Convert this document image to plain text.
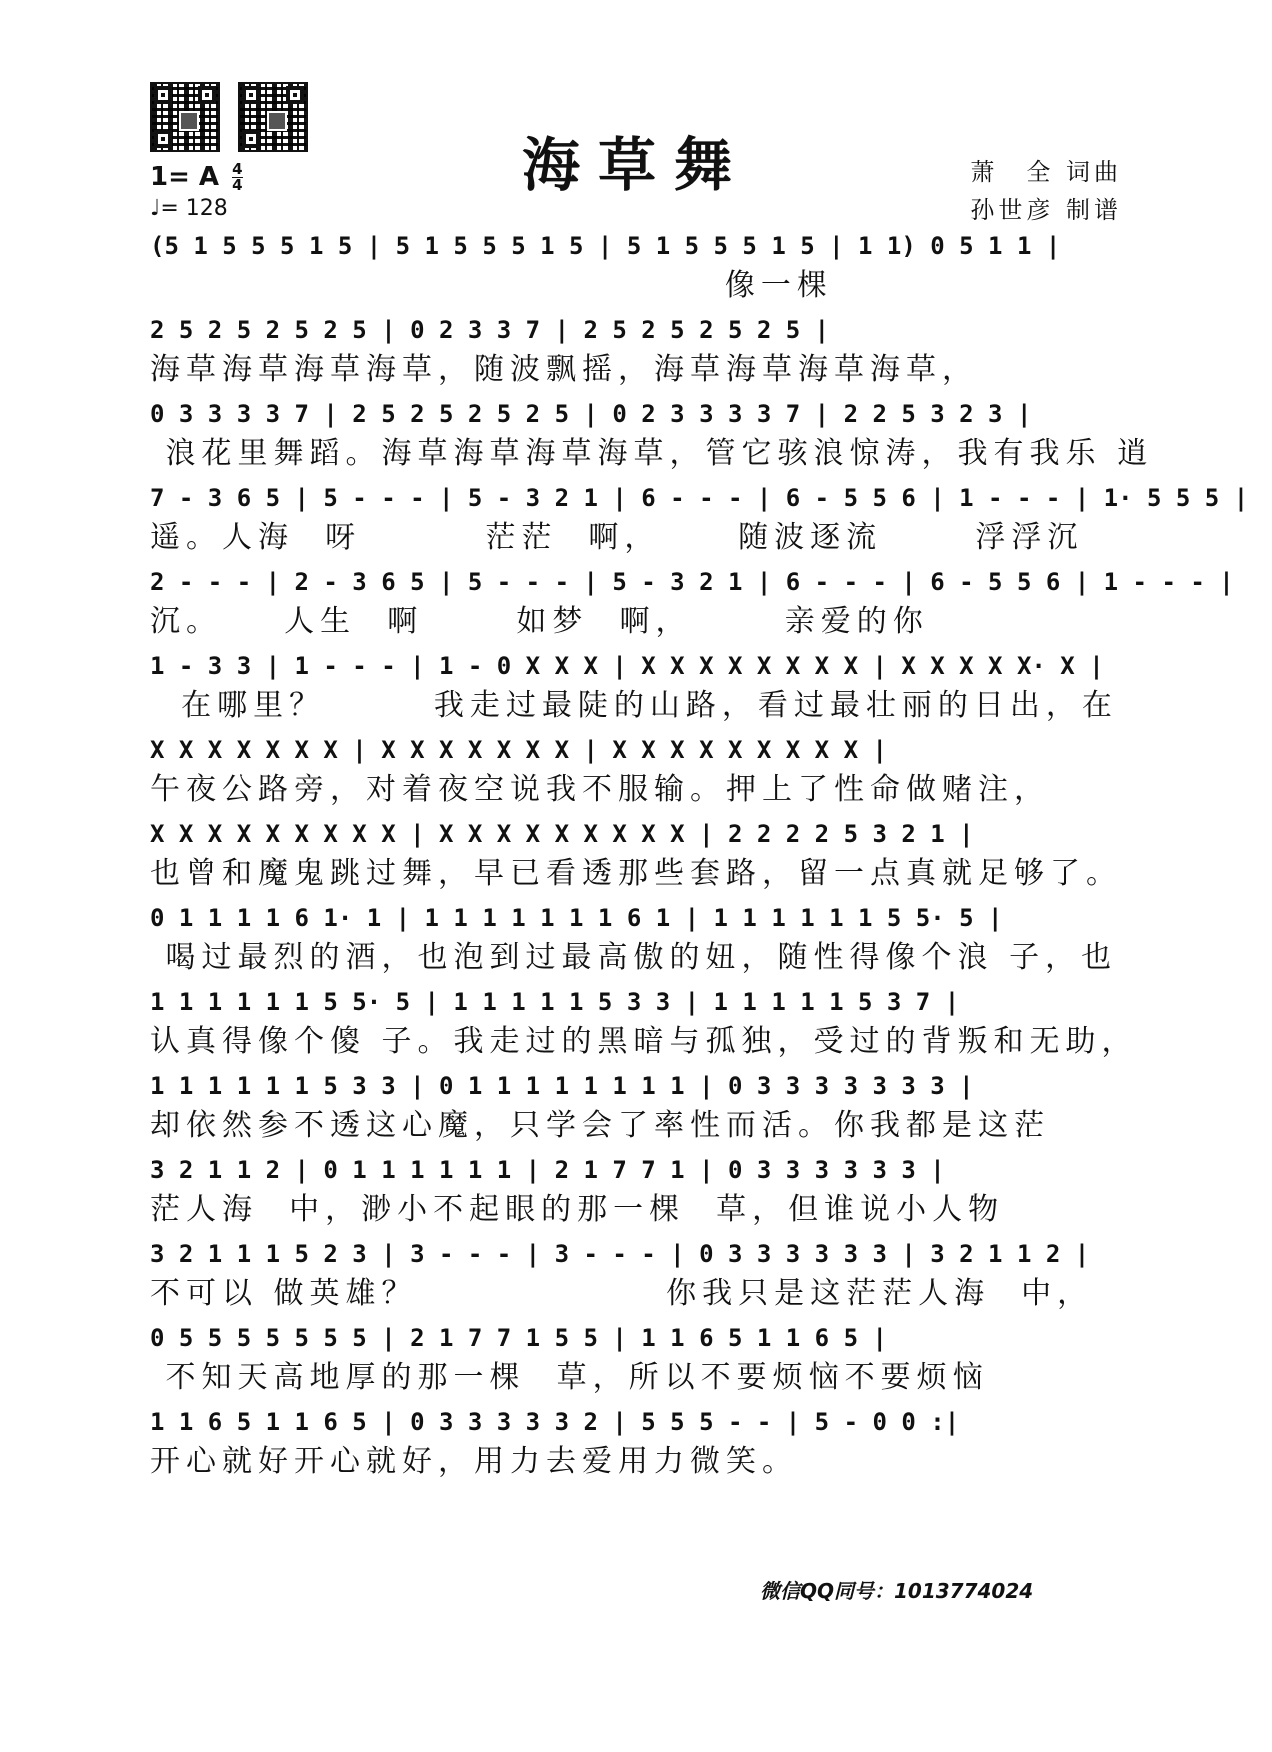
海草舞
1= A $\frac{4}{4}$
♩= 128
萧　全 词曲
孙世彦 制谱
(5 1 5 5 5 1 5 | 5 1 5 5 5 1 5 | 5 1 5 5 5 1 5 | 1 1) 0 5 1 1 |
像一棵
2 5 2 5 2 5 2 5 | 0 2 3 3 7 | 2 5 2 5 2 5 2 5 |
海草海草海草海草，随波飘摇，海草海草海草海草，
0 3 3 3 3 7 | 2 5 2 5 2 5 2 5 | 0 2 3 3 3 3 7 | 2 2 5 3 2 3 |
浪花里舞蹈。海草海草海草海草，管它骇浪惊涛，我有我乐 逍
7 - 3 6 5 | 5 - - - | 5 - 3 2 1 | 6 - - - | 6 - 5 5 6 | 1 - - - | 1· 5 5 5 |
遥。人海  呀        茫茫  啊，     随波逐流      浮浮沉
2 - - - | 2 - 3 6 5 | 5 - - - | 5 - 3 2 1 | 6 - - - | 6 - 5 5 6 | 1 - - - |
沉。    人生  啊      如梦  啊，      亲爱的你
1 - 3 3 | 1 - - - | 1 - 0 X X X | X X X X X X X X | X X X X X· X |
在哪里？       我走过最陡的山路，看过最壮丽的日出，在
X X X X X X X | X X X X X X X | X X X X X X X X X |
午夜公路旁，对着夜空说我不服输。押上了性命做赌注，
X X X X X X X X X | X X X X X X X X X | 2 2 2 2 5 3 2 1 |
也曾和魔鬼跳过舞，早已看透那些套路，留一点真就足够了。
0 1 1 1 1 6 1· 1 | 1 1 1 1 1 1 1 6 1 | 1 1 1 1 1 1 5 5· 5 |
喝过最烈的酒，也泡到过最高傲的妞，随性得像个浪 子，也
1 1 1 1 1 1 5 5· 5 | 1 1 1 1 1 5 3 3 | 1 1 1 1 1 5 3 7 |
认真得像个傻 子。我走过的黑暗与孤独，受过的背叛和无助，
1 1 1 1 1 1 5 3 3 | 0 1 1 1 1 1 1 1 1 | 0 3 3 3 3 3 3 3 |
却依然参不透这心魔，只学会了率性而活。你我都是这茫
3 2 1 1 2 | 0 1 1 1 1 1 1 | 2 1 7 7 1 | 0 3 3 3 3 3 3 |
茫人海  中，渺小不起眼的那一棵  草，但谁说小人物
3 2 1 1 1 5 2 3 | 3 - - - | 3 - - - | 0 3 3 3 3 3 3 | 3 2 1 1 2 |
不可以 做英雄？                你我只是这茫茫人海  中，
0 5 5 5 5 5 5 5 | 2 1 7 7 1 5 5 | 1 1 6 5 1 1 6 5 |
不知天高地厚的那一棵  草，所以不要烦恼不要烦恼
1 1 6 5 1 1 6 5 | 0 3 3 3 3 3 2 | 5 5 5 - - | 5 - 0 0 :|
开心就好开心就好，用力去爱用力微笑。
微信QQ同号：1013774024
